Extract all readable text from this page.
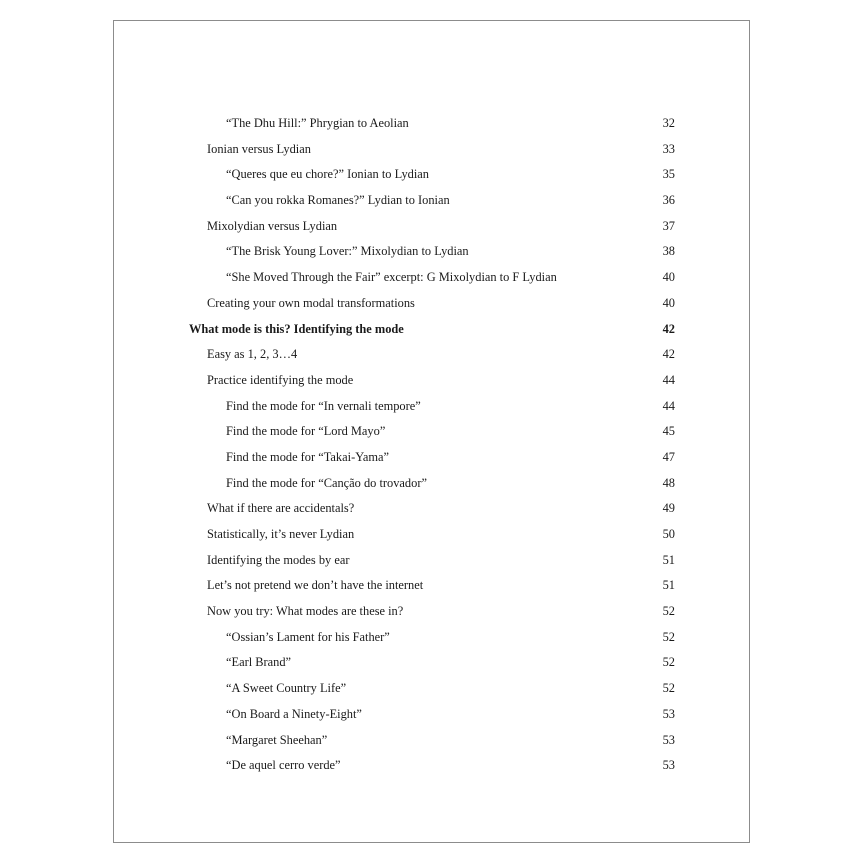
“The Dhu Hill:” Phrygian to Aeolian	32
Ionian versus Lydian	33
“Queres que eu chore?” Ionian to Lydian	35
“Can you rokka Romanes?” Lydian to Ionian	36
Mixolydian versus Lydian	37
“The Brisk Young Lover:” Mixolydian to Lydian	38
“She Moved Through the Fair” excerpt: G Mixolydian to F Lydian	40
Creating your own modal transformations	40
What mode is this? Identifying the mode	42
Easy as 1, 2, 3…4	42
Practice identifying the mode	44
Find the mode for “In vernali tempore”	44
Find the mode for “Lord Mayo”	45
Find the mode for “Takai-Yama”	47
Find the mode for “Canção do trovador”	48
What if there are accidentals?	49
Statistically, it’s never Lydian	50
Identifying the modes by ear	51
Let’s not pretend we don’t have the internet	51
Now you try: What modes are these in?	52
“Ossian’s Lament for his Father”	52
“Earl Brand”	52
“A Sweet Country Life”	52
“On Board a Ninety-Eight”	53
“Margaret Sheehan”	53
“De aquel cerro verde”	53
